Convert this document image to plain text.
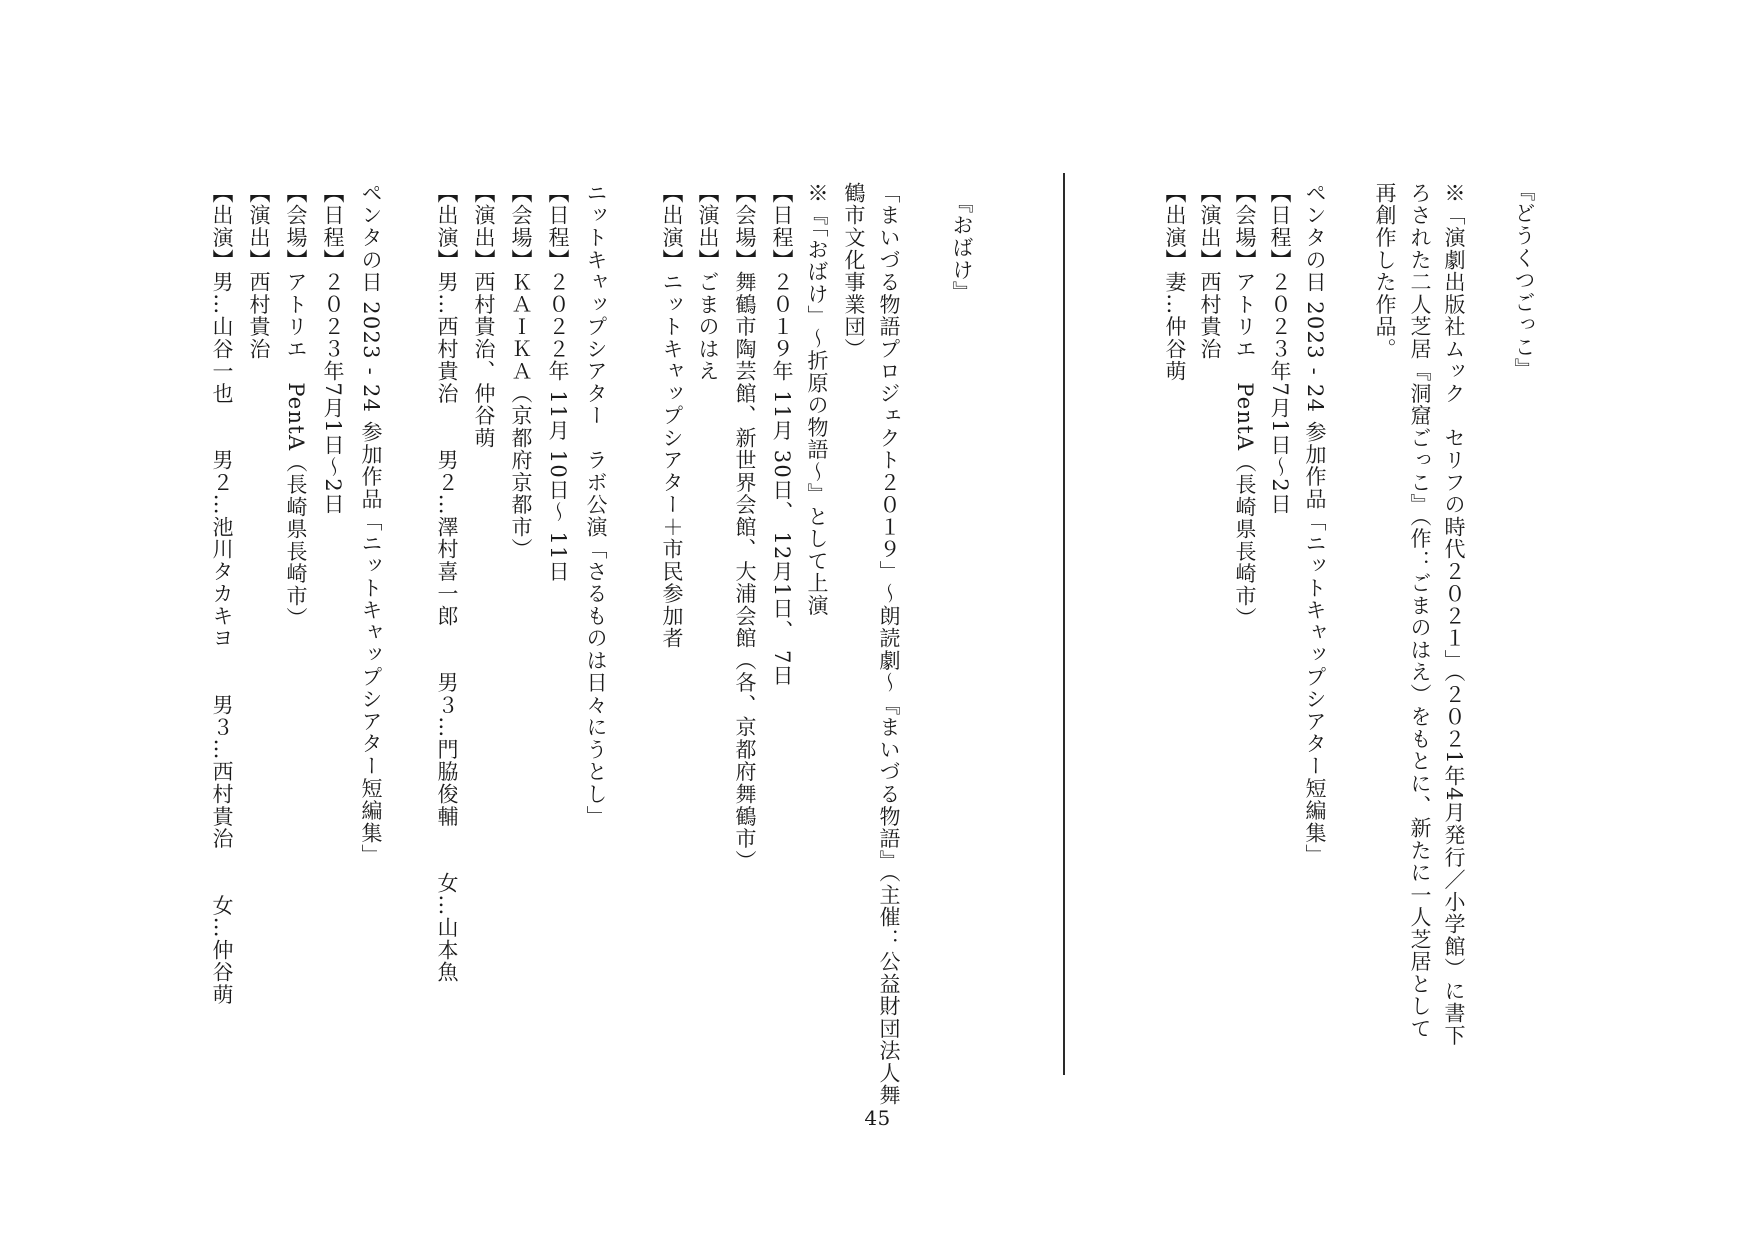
『どうくつごっこ』

※「演劇出版社ムック　セリフの時代２０２１」（２０２1年4月発行／小学館）に書下

ろされた二人芝居『洞窟ごっこ』（作：ごまのはえ）をもとに、新たに一人芝居として

再創作した作品。

ペンタの日 2023 - 24 参加作品「ニットキャップシアター短編集」

【日程】２０２３年7月1日～2日

【会場】アトリエ　PentA（長崎県長崎市）

【演出】西村貴治

【出演】妻…仲谷萌

『おばけ』

「まいづる物語プロジェクト２０１９」～朗読劇～『まいづる物語』（主催：公益財団法人舞

鶴市文化事業団）

※『「おばけ」～折原の物語～』として上演

【日程】２０１９年 11月 30日、 12月1日、 7日

【会場】舞鶴市陶芸館、新世界会館、大浦会館（各、京都府舞鶴市）

【演出】ごまのはえ

【出演】ニットキャップシアター＋市民参加者

ニットキャップシアター　ラボ公演「さるものは日々にうとし」

【日程】２０２２年 11月 10日～ 11日

【会場】ＫＡＩＫＡ（京都府京都市）

【演出】西村貴治、仲谷萌

【出演】男…西村貴治　　男２…澤村喜一郎　　男３…門脇俊輔　　女…山本魚

ペンタの日 2023 - 24 参加作品「ニットキャップシアター短編集」

【日程】２０２３年7月1日～2日

【会場】アトリエ　PentA（長崎県長崎市）

【演出】西村貴治

【出演】男…山谷一也　　男２…池川タカキヨ　　男３…西村貴治　　女…仲谷萌

45
